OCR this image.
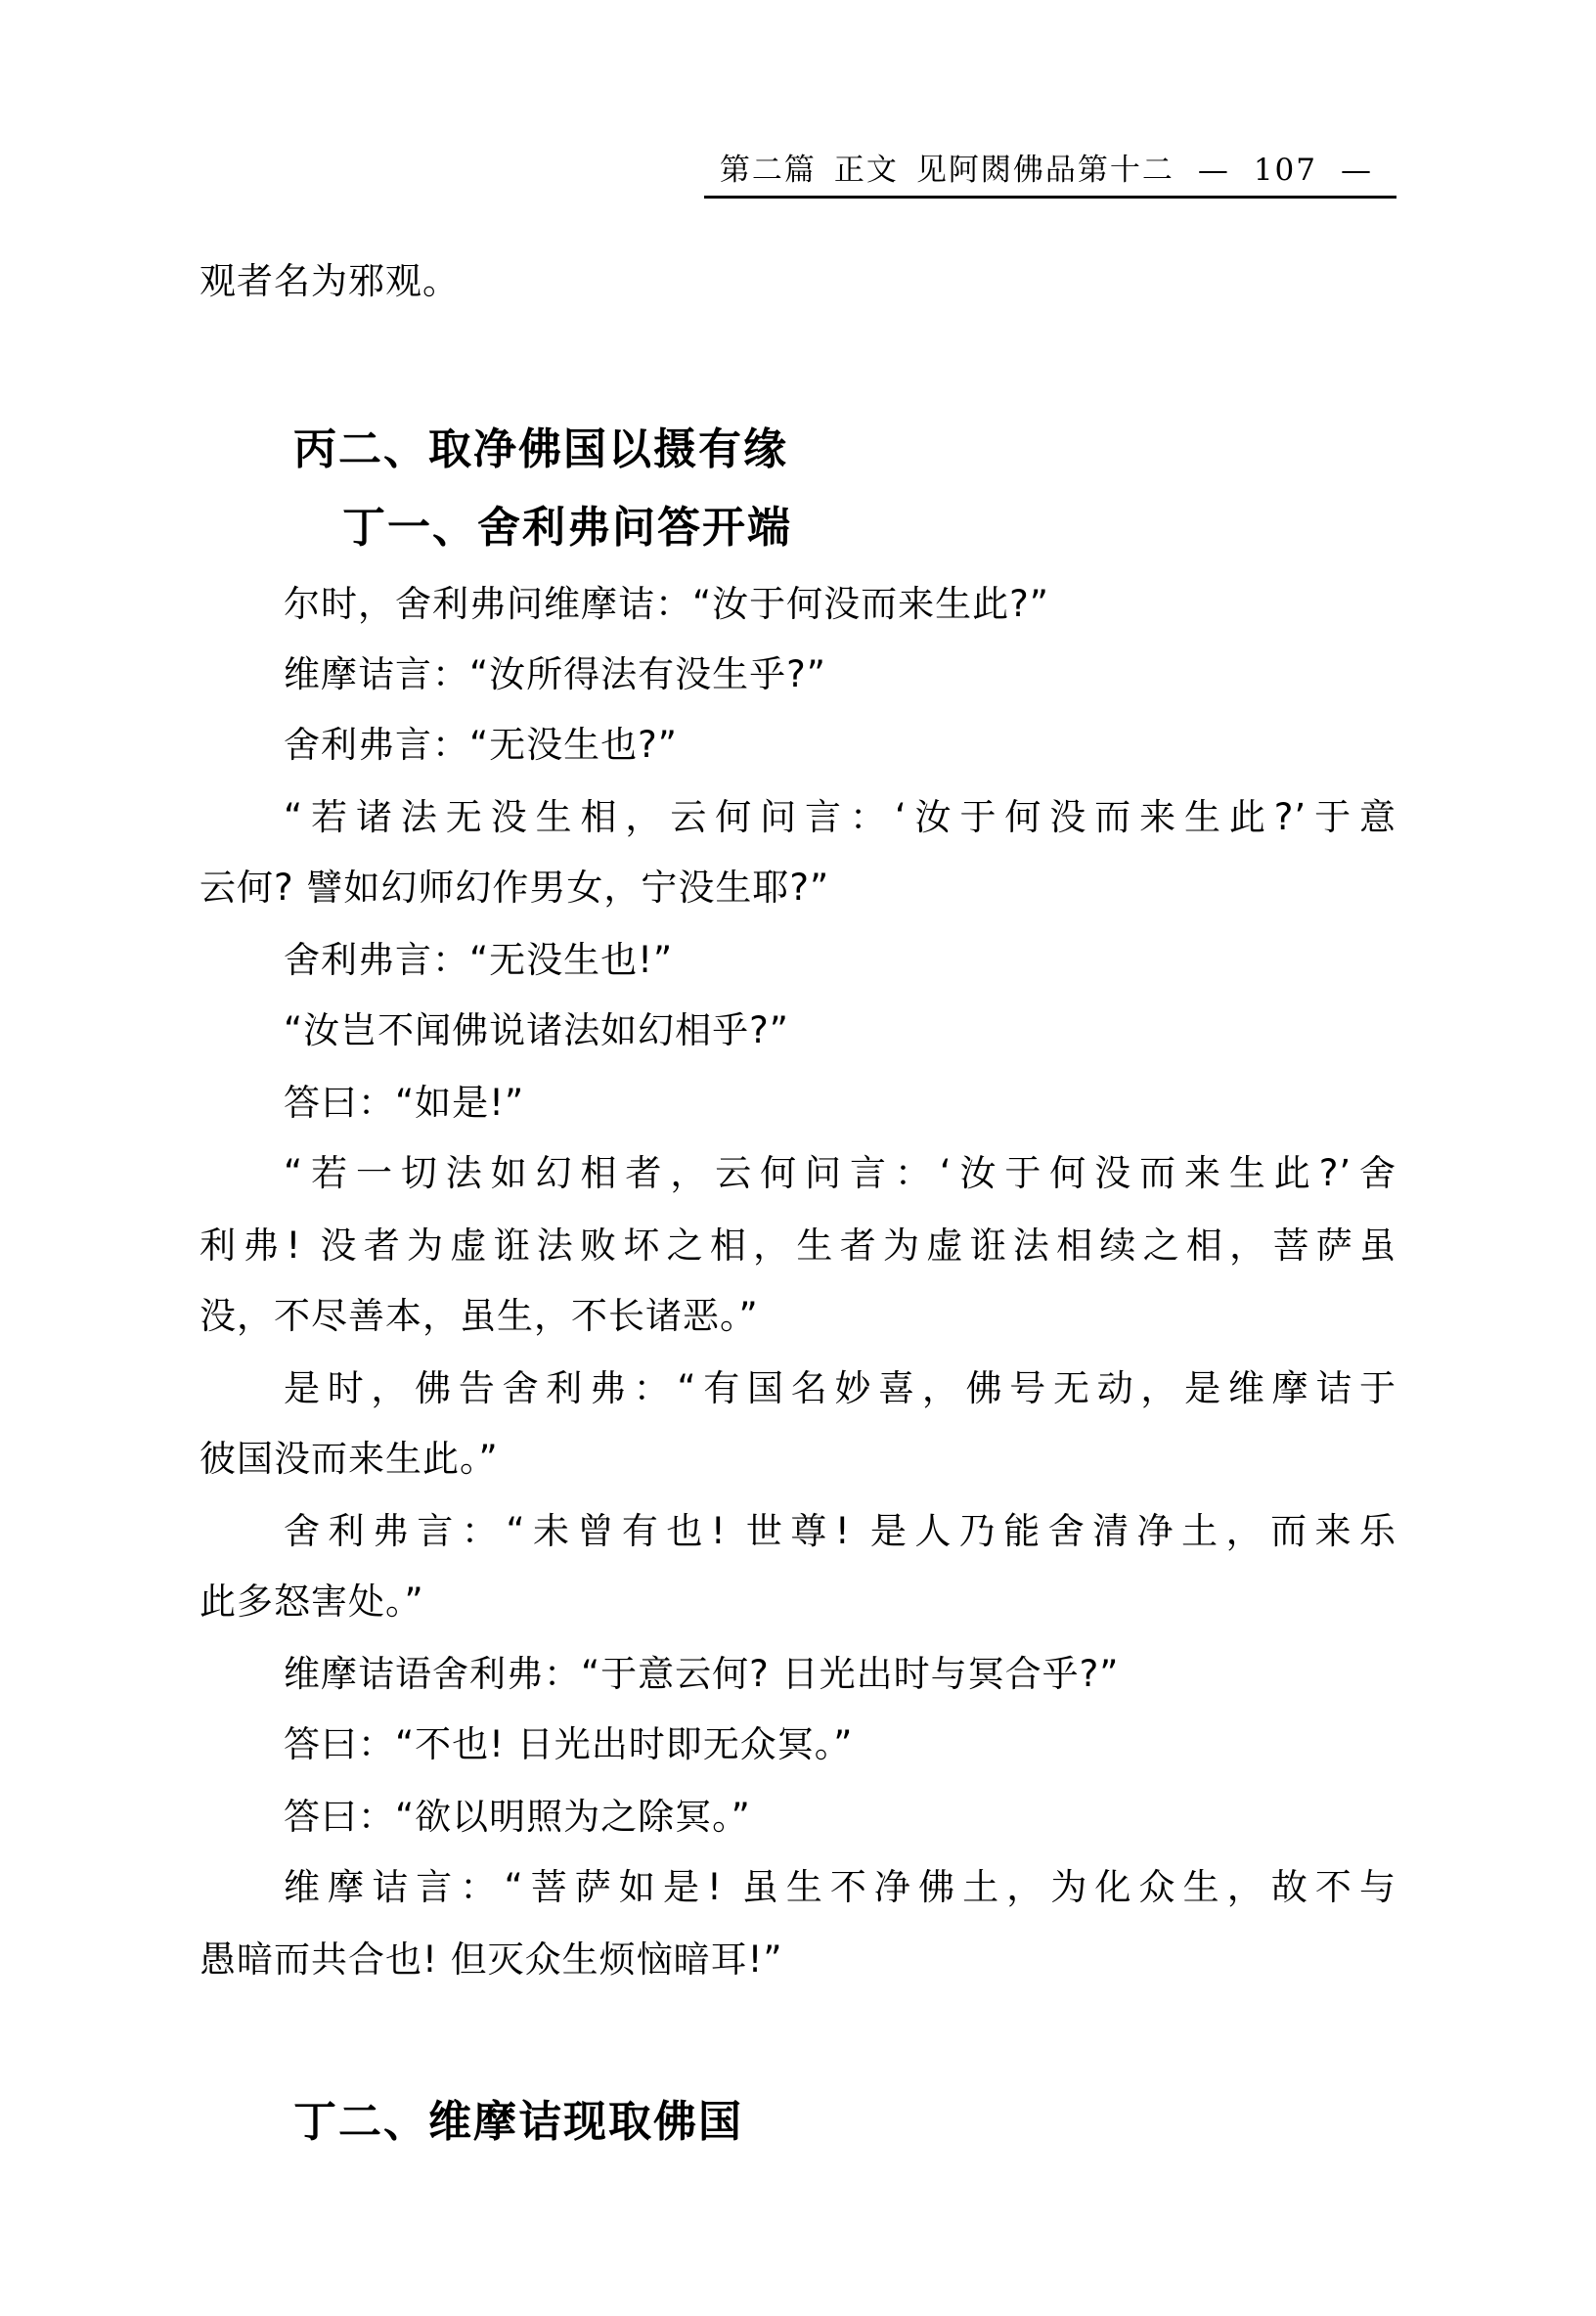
第二篇 正文 见阿閦佛品第十二 — 107 —
观者名为邪观。
丙二、取净佛国以摄有缘
丁一、舍利弗问答开端
尔时，舍利弗问维摩诘：“汝于何没而来生此?”
维摩诘言：“汝所得法有没生乎?”
舍利弗言：“无没生也?”
“若诸法无没生相，云何问言：‘汝于何没而来生此?’于意
云何? 譬如幻师幻作男女，宁没生耶?”
舍利弗言：“无没生也!”
“汝岂不闻佛说诸法如幻相乎?”
答曰：“如是!”
“若一切法如幻相者，云何问言：‘汝于何没而来生此?’舍
利弗! 没者为虚诳法败坏之相，生者为虚诳法相续之相，菩萨虽
没，不尽善本，虽生，不长诸恶。”
是时，佛告舍利弗：“有国名妙喜，佛号无动，是维摩诘于
彼国没而来生此。”
舍利弗言：“未曾有也! 世尊! 是人乃能舍清净土，而来乐
此多怒害处。”
维摩诘语舍利弗：“于意云何? 日光出时与冥合乎?”
答曰：“不也! 日光出时即无众冥。”
答曰：“欲以明照为之除冥。”
维摩诘言：“菩萨如是! 虽生不净佛土，为化众生，故不与
愚暗而共合也! 但灭众生烦恼暗耳!”
丁二、维摩诘现取佛国
